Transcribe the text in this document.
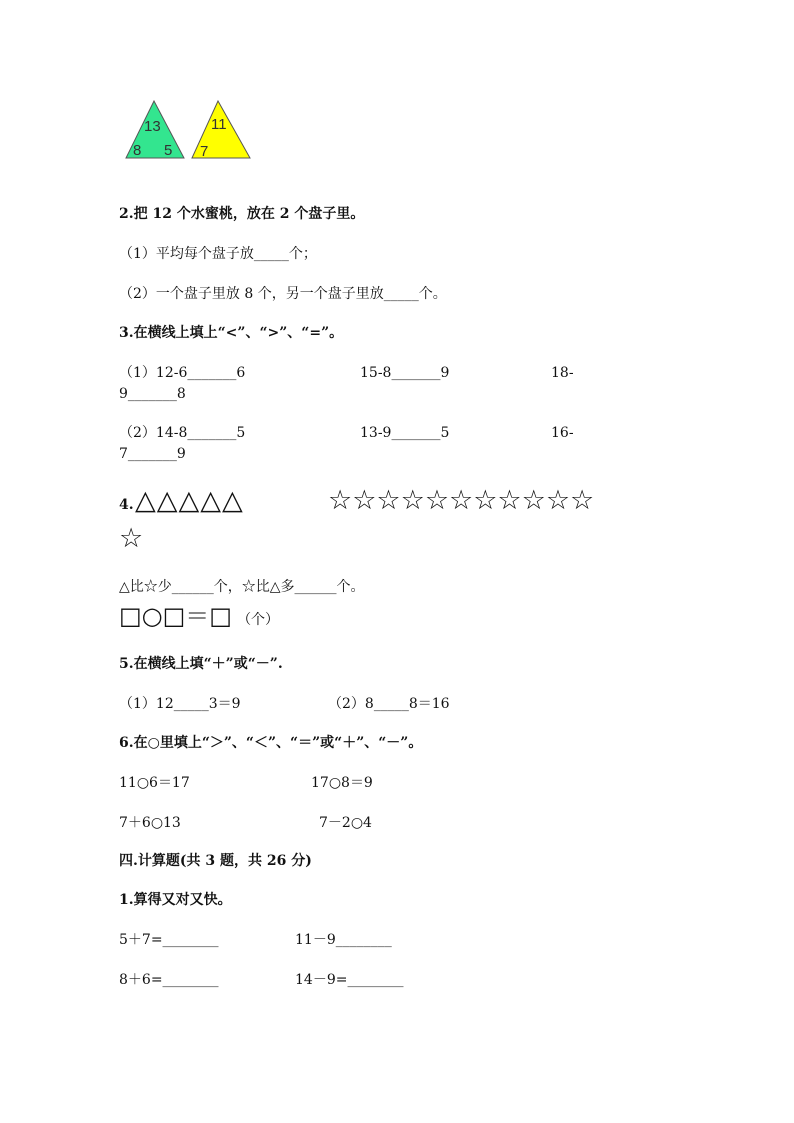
13
8 5
11
7
2.把 12 个水蜜桃，放在 2 个盘子里。
（1）平均每个盘子放_____个；
（2）一个盘子里放 8 个，另一个盘子里放_____个。
3.在横线上填上“<”、“>”、“=”。
（1）12-6_______6	15-8_______9	18-
9_______8
（2）14-8_______5	13-9_______5	16-
7_______9
4. △△△△△	☆☆☆☆☆☆☆☆☆☆☆
☆
△比☆少______个，☆比△多______个。
□○□＝□ （个）
5.在横线上填“＋”或“－”.
（1）12_____3＝9	（2）8_____8＝16
6.在○里填上“＞”、“＜”、“＝”或“＋”、“－”。
11○6＝17	17○8＝9
7＋6○13	7－2○4
四.计算题(共 3 题，共 26 分)
1.算得又对又快。
5＋7=________	11－9________
8＋6=________	14－9=________
